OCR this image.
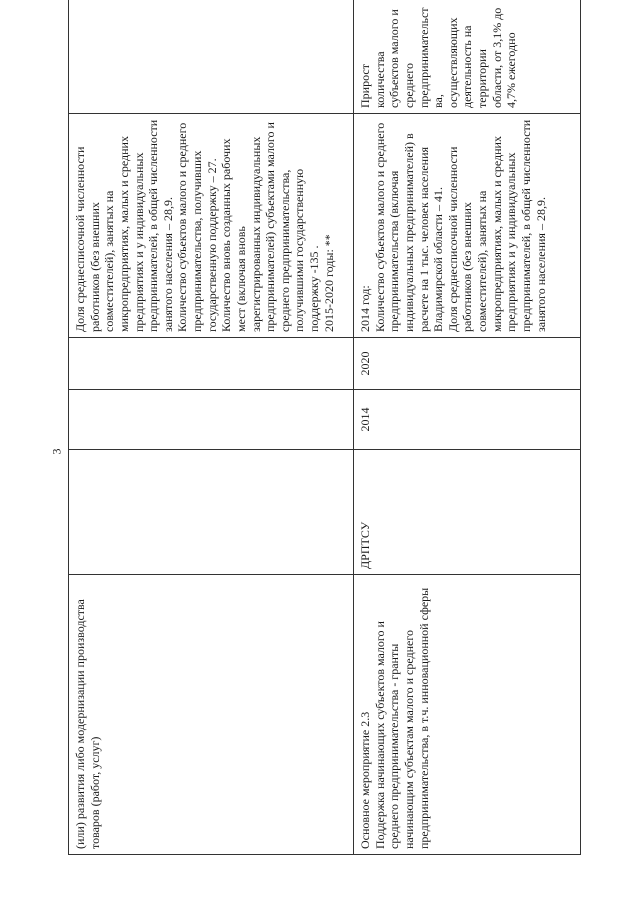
3
(или) развития либо модернизации производства товаров (работ, услуг)				Доля среднесписочной численности работников (без внешних совместителей), занятых на микропредприятиях, малых и средних предприятиях и у индивидуальных предпринимателей, в общей численности занятого населения – 28,9.
Количество субъектов малого и среднего предпринимательства, получивших государственную поддержку – 27.
Количество вновь созданных рабочих мест (включая вновь зарегистрированных индивидуальных предпринимателей) субъектами малого и среднего предпринимательства, получившими государственную поддержку -135 .
2015-2020 годы: **	

Основное мероприятие 2.3
Поддержка начинающих субъектов малого и среднего предпринимательства - гранты начинающим субъектам малого и среднего предпринимательства, в т.ч. инновационной сферы	ДРПТСУ	2014	2020	2014 год:
Количество субъектов малого и среднего предпринимательства (включая индивидуальных предпринимателей) в расчете на 1 тыс. человек населения Владимирской области – 41.
Доля среднесписочной численности работников (без внешних совместителей), занятых на микропредприятиях, малых и средних предприятиях и у индивидуальных предпринимателей, в общей численности занятого населения – 28,9.	Прирост количества субъектов малого и среднего предпринимательства, осуществляющих деятельность на территории области, от 3,1% до 4,7% ежегодно
